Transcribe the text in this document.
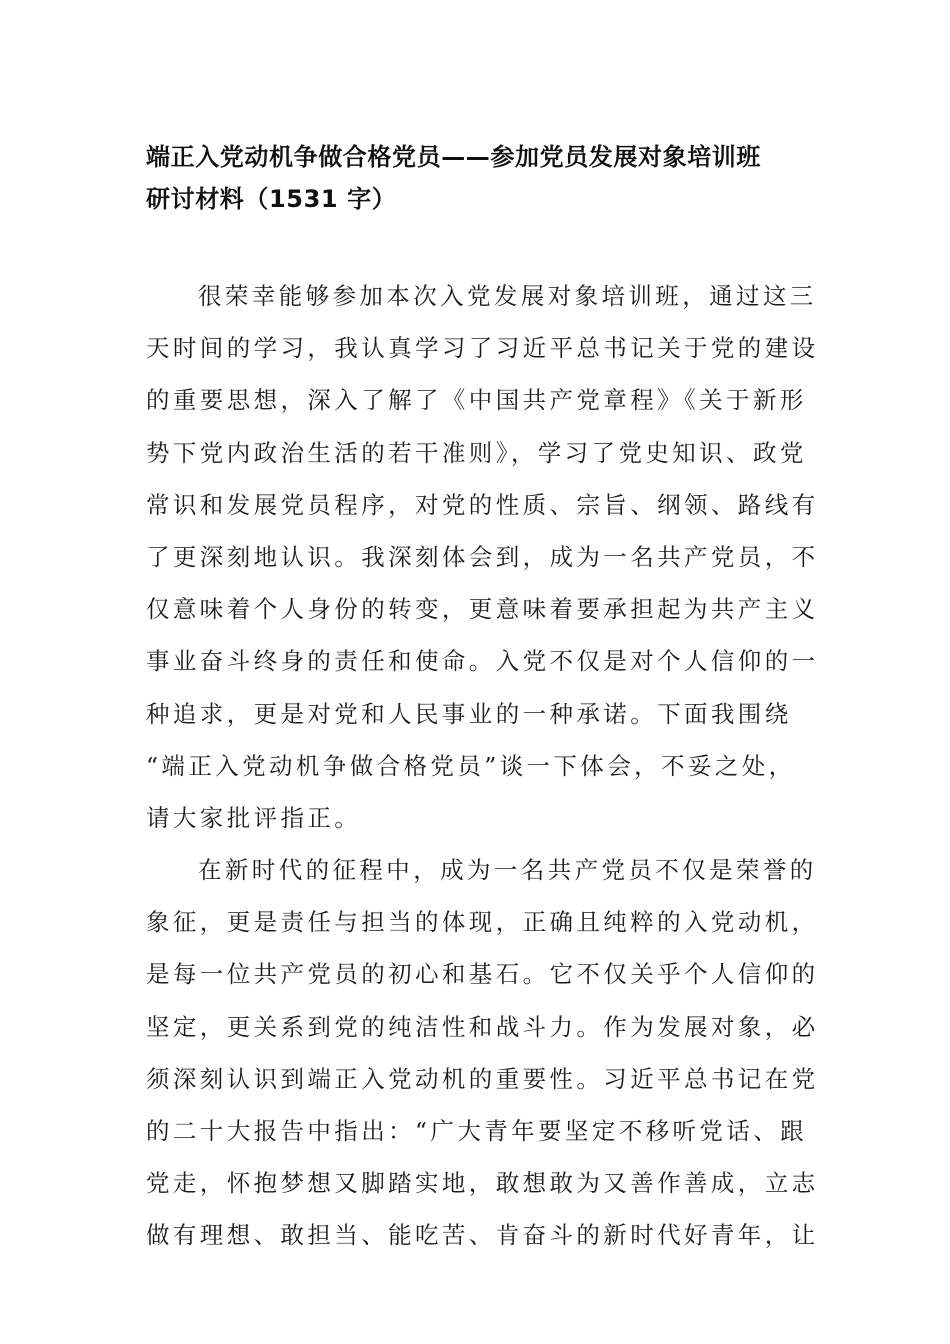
端正入党动机争做合格党员——参加党员发展对象培训班
研讨材料（1531 字）
很荣幸能够参加本次入党发展对象培训班，通过这三
天时间的学习，我认真学习了习近平总书记关于党的建设
的重要思想，深入了解了《中国共产党章程》《关于新形
势下党内政治生活的若干准则》，学习了党史知识、政党
常识和发展党员程序，对党的性质、宗旨、纲领、路线有
了更深刻地认识。我深刻体会到，成为一名共产党员，不
仅意味着个人身份的转变，更意味着要承担起为共产主义
事业奋斗终身的责任和使命。入党不仅是对个人信仰的一
种追求，更是对党和人民事业的一种承诺。下面我围绕
“端正入党动机争做合格党员”谈一下体会，不妥之处，
请大家批评指正。
在新时代的征程中，成为一名共产党员不仅是荣誉的
象征，更是责任与担当的体现，正确且纯粹的入党动机，
是每一位共产党员的初心和基石。它不仅关乎个人信仰的
坚定，更关系到党的纯洁性和战斗力。作为发展对象，必
须深刻认识到端正入党动机的重要性。习近平总书记在党
的二十大报告中指出：“广大青年要坚定不移听党话、跟
党走，怀抱梦想又脚踏实地，敢想敢为又善作善成，立志
做有理想、敢担当、能吃苦、肯奋斗的新时代好青年，让
